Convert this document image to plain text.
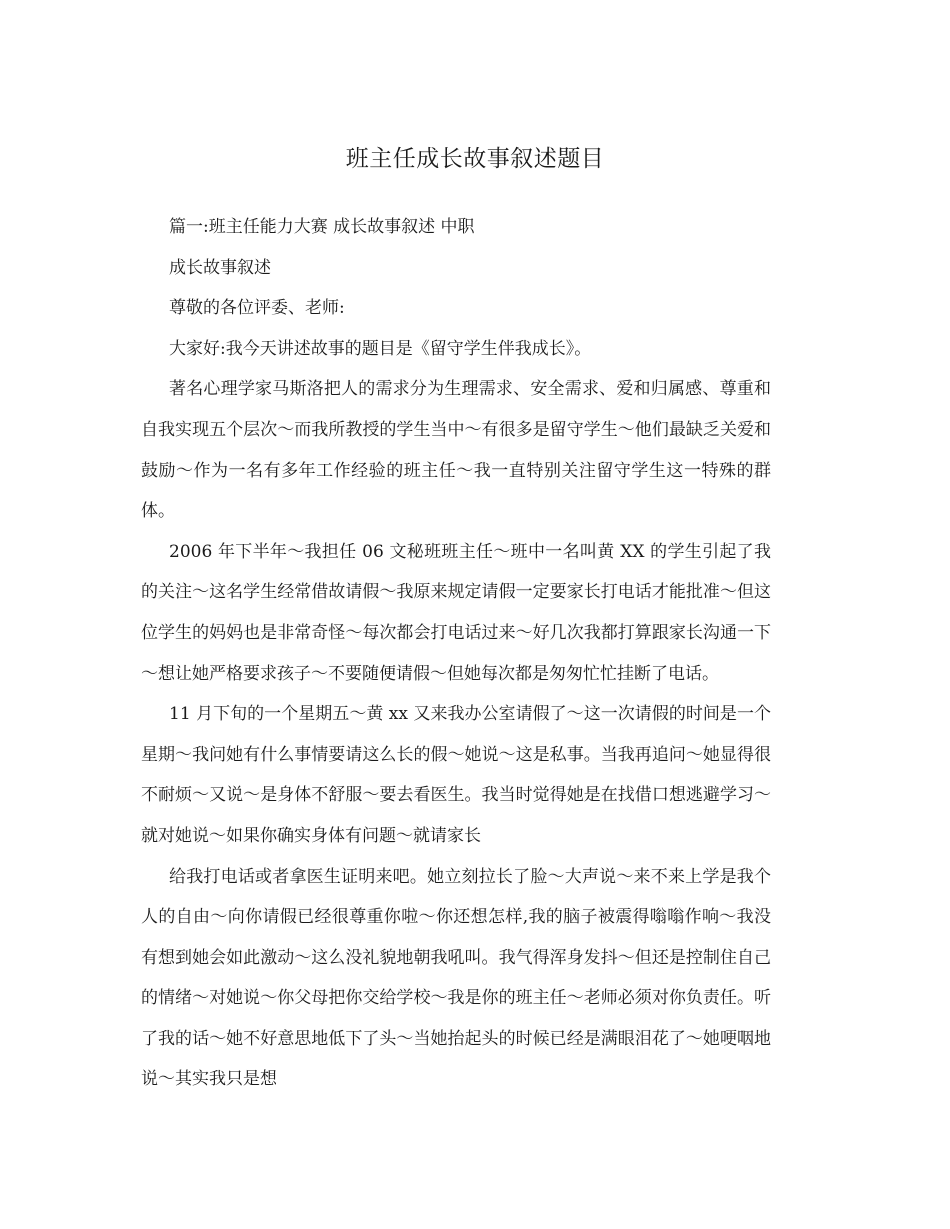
班主任成长故事叙述题目

篇一:班主任能力大赛 成长故事叙述 中职

成长故事叙述

尊敬的各位评委、老师:

大家好:我今天讲述故事的题目是《留守学生伴我成长》。

著名心理学家马斯洛把人的需求分为生理需求、安全需求、爱和归属感、尊重和自我实现五个层次～而我所教授的学生当中～有很多是留守学生～他们最缺乏关爱和鼓励～作为一名有多年工作经验的班主任～我一直特别关注留守学生这一特殊的群体。

2006 年下半年～我担任 06 文秘班班主任～班中一名叫黄 XX 的学生引起了我的关注～这名学生经常借故请假～我原来规定请假一定要家长打电话才能批准～但这位学生的妈妈也是非常奇怪～每次都会打电话过来～好几次我都打算跟家长沟通一下～想让她严格要求孩子～不要随便请假～但她每次都是匆匆忙忙挂断了电话。

11 月下旬的一个星期五～黄 xx 又来我办公室请假了～这一次请假的时间是一个星期～我问她有什么事情要请这么长的假～她说～这是私事。当我再追问～她显得很不耐烦～又说～是身体不舒服～要去看医生。我当时觉得她是在找借口想逃避学习～就对她说～如果你确实身体有问题～就请家长

给我打电话或者拿医生证明来吧。她立刻拉长了脸～大声说～来不来上学是我个人的自由～向你请假已经很尊重你啦～你还想怎样,我的脑子被震得嗡嗡作响～我没有想到她会如此激动～这么没礼貌地朝我吼叫。我气得浑身发抖～但还是控制住自己的情绪～对她说～你父母把你交给学校～我是你的班主任～老师必须对你负责任。听了我的话～她不好意思地低下了头～当她抬起头的时候已经是满眼泪花了～她哽咽地说～其实我只是想
